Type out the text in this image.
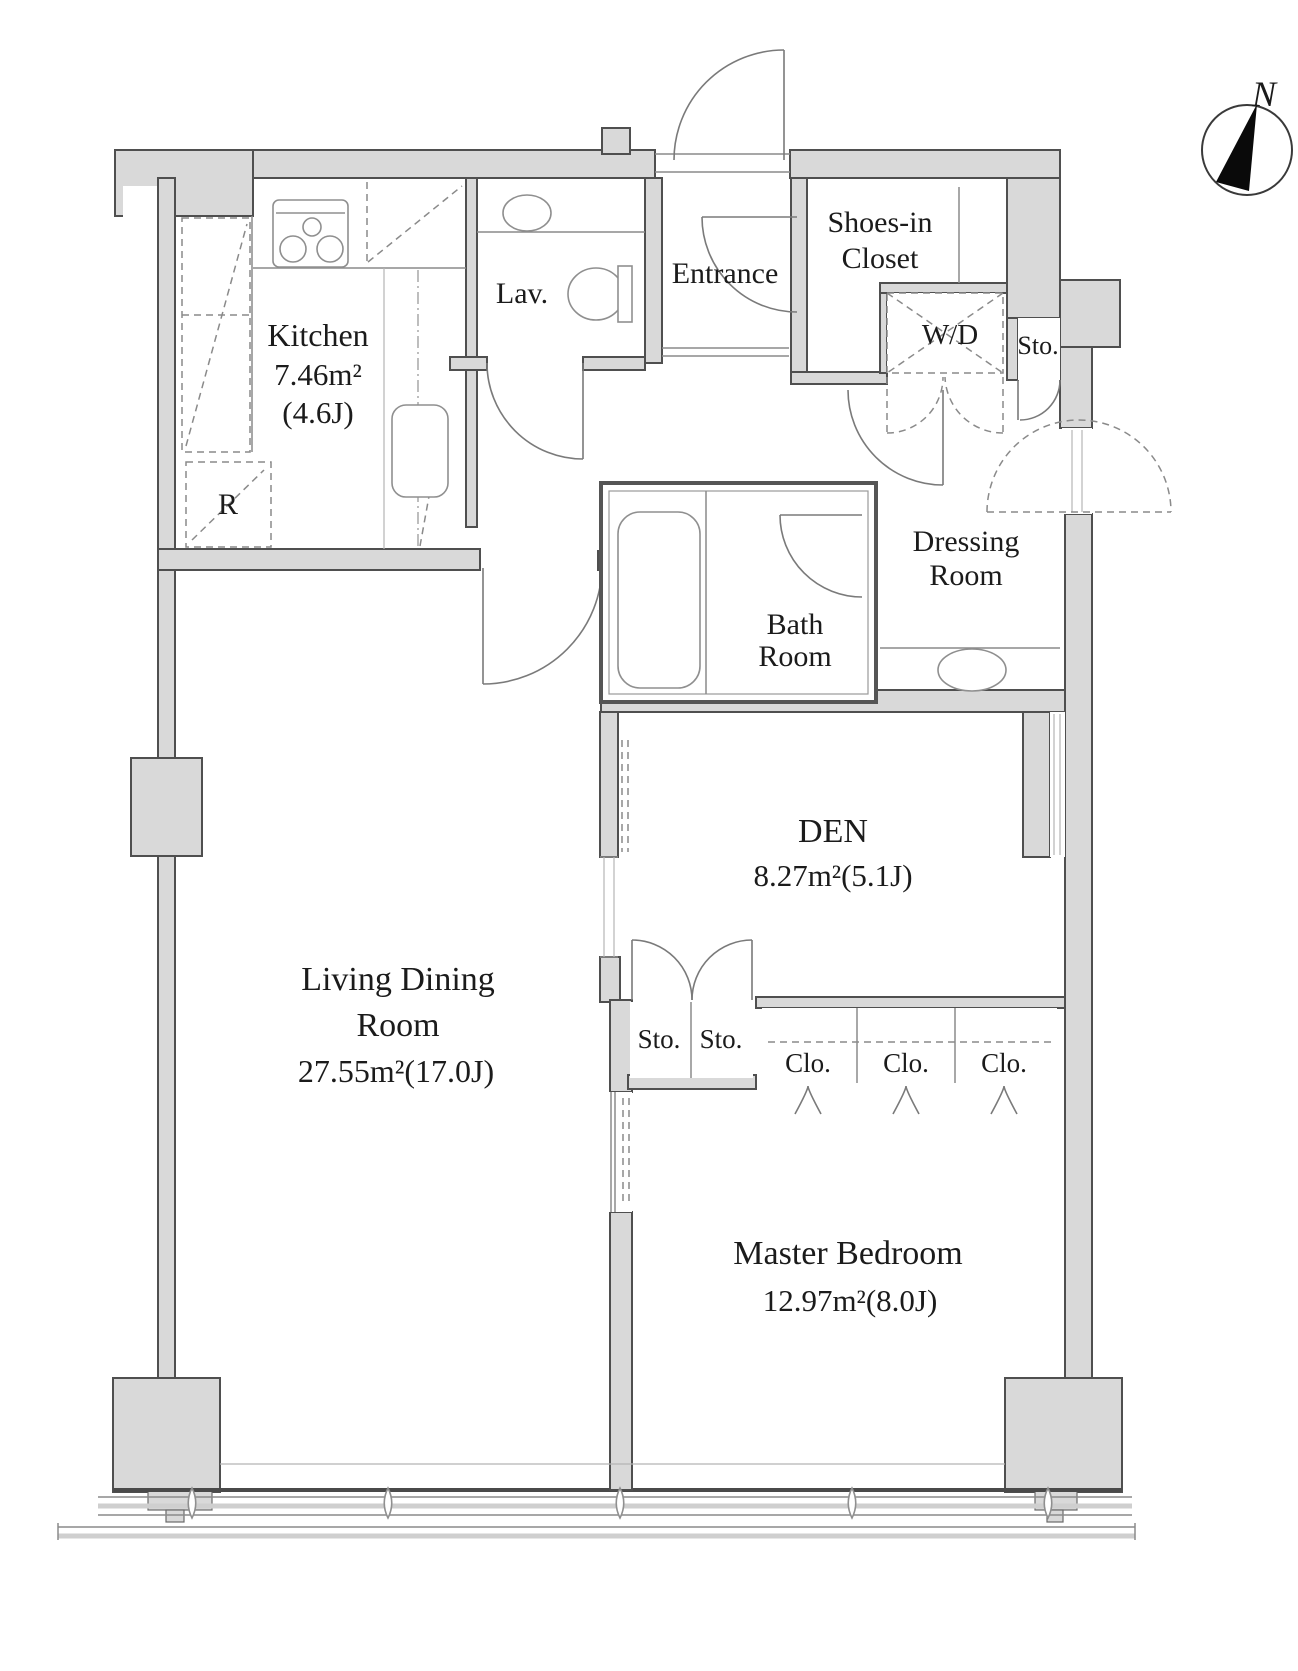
R
Kitchen
7.46m²
(4.6J)
Lav.
Entrance
Shoes-in
Closet
W/D Sto.
Dressing
Room
Bath
Room
DEN
8.27m²(5.1J)
Sto. Sto.
Clo. Clo. Clo.
Master Bedroom
12.97m²(8.0J)
Living Dining
Room
27.55m²(17.0J)
N
